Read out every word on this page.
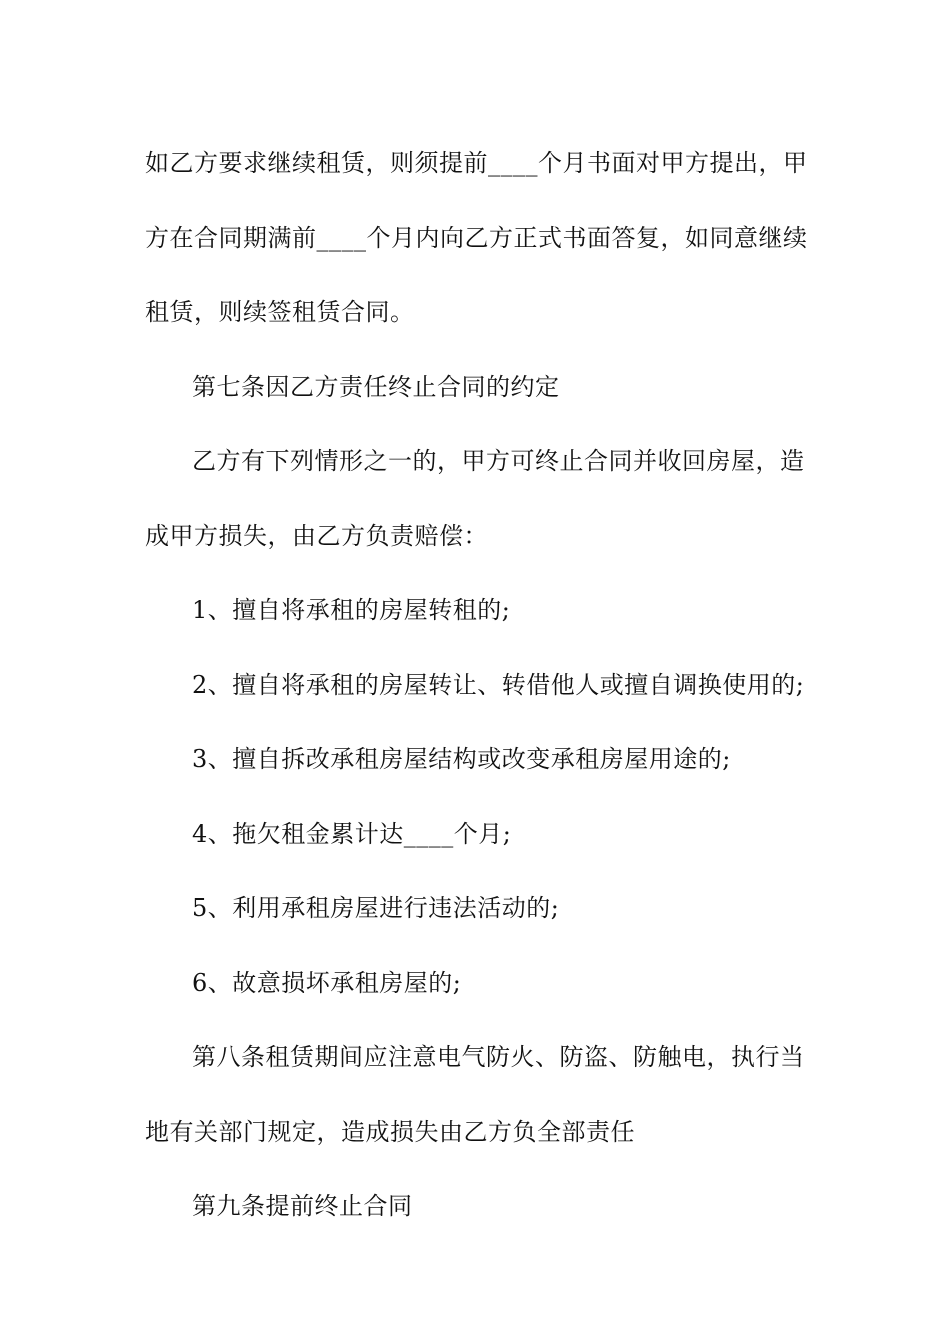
如乙方要求继续租赁，则须提前____个月书面对甲方提出，甲

方在合同期满前____个月内向乙方正式书面答复，如同意继续

租赁，则续签租赁合同。

第七条因乙方责任终止合同的约定

乙方有下列情形之一的，甲方可终止合同并收回房屋，造

成甲方损失，由乙方负责赔偿：

1、擅自将承租的房屋转租的;

2、擅自将承租的房屋转让、转借他人或擅自调换使用的;

3、擅自拆改承租房屋结构或改变承租房屋用途的;

4、拖欠租金累计达____个月;

5、利用承租房屋进行违法活动的;

6、故意损坏承租房屋的;

第八条租赁期间应注意电气防火、防盗、防触电，执行当

地有关部门规定，造成损失由乙方负全部责任

第九条提前终止合同
